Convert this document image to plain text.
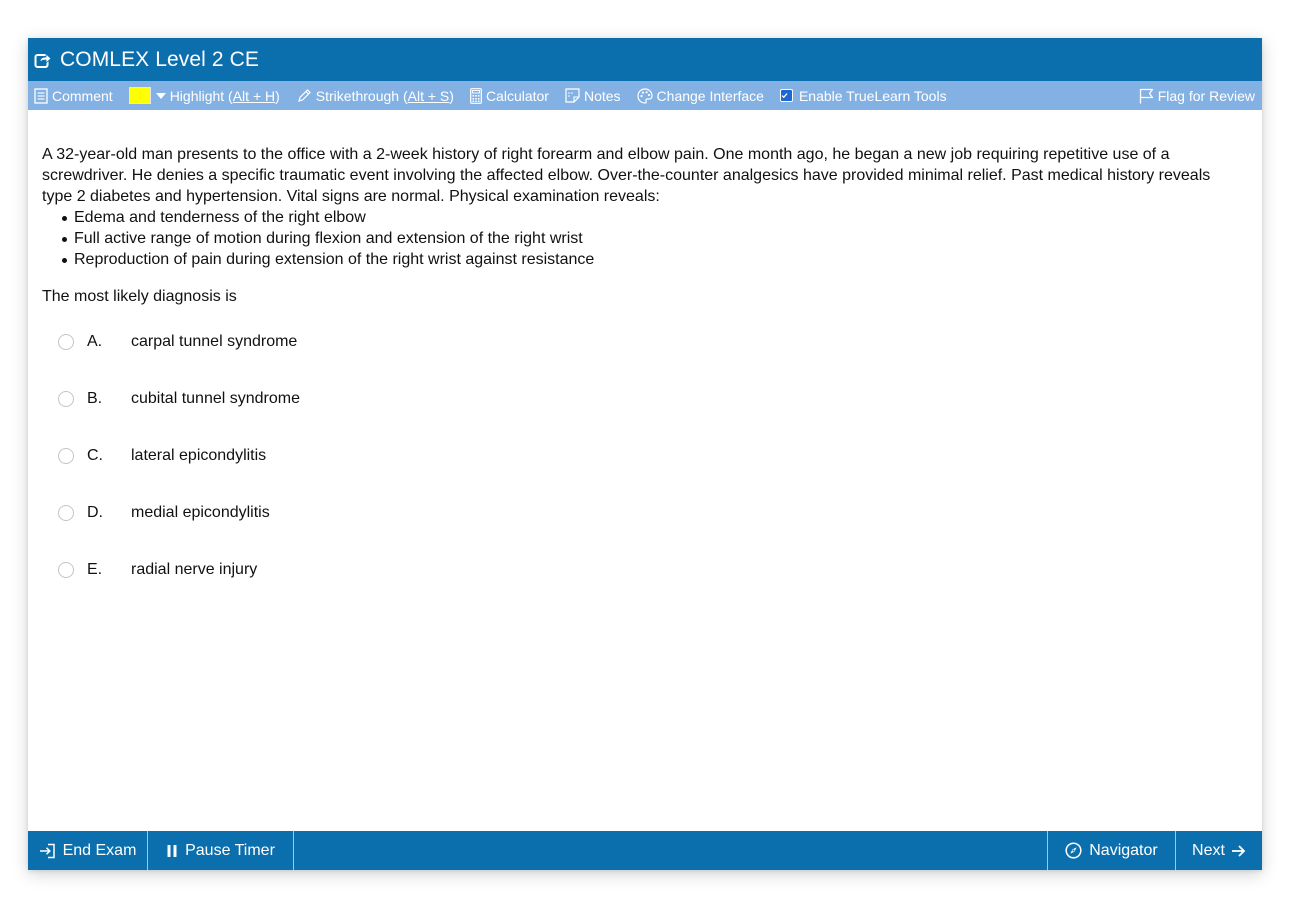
COMLEX Level 2 CE
Comment	Highlight ( Alt + H )	Strikethrough ( Alt + S ) Calculator	Notes	Change Interface	Enable TrueLearn Tools	Flag for Review

A 32-year-old man presents to the office with a 2-week history of right forearm and elbow pain. One month ago, he began a new job requiring repetitive use of a screwdriver. He denies a specific traumatic event involving the affected elbow. Over-the-counter analgesics have provided minimal relief. Past medical history reveals type 2 diabetes and hypertension. Vital signs are normal. Physical examination reveals:

Edema and tenderness of the right elbow
Full active range of motion during flexion and extension of the right wrist
Reproduction of pain during extension of the right wrist against resistance

The most likely diagnosis is

A.	carpal tunnel syndrome
B.	cubital tunnel syndrome
C.	lateral epicondylitis
D.	medial epicondylitis
E.	radial nerve injury
End Exam	Pause Timer	Navigator Next
